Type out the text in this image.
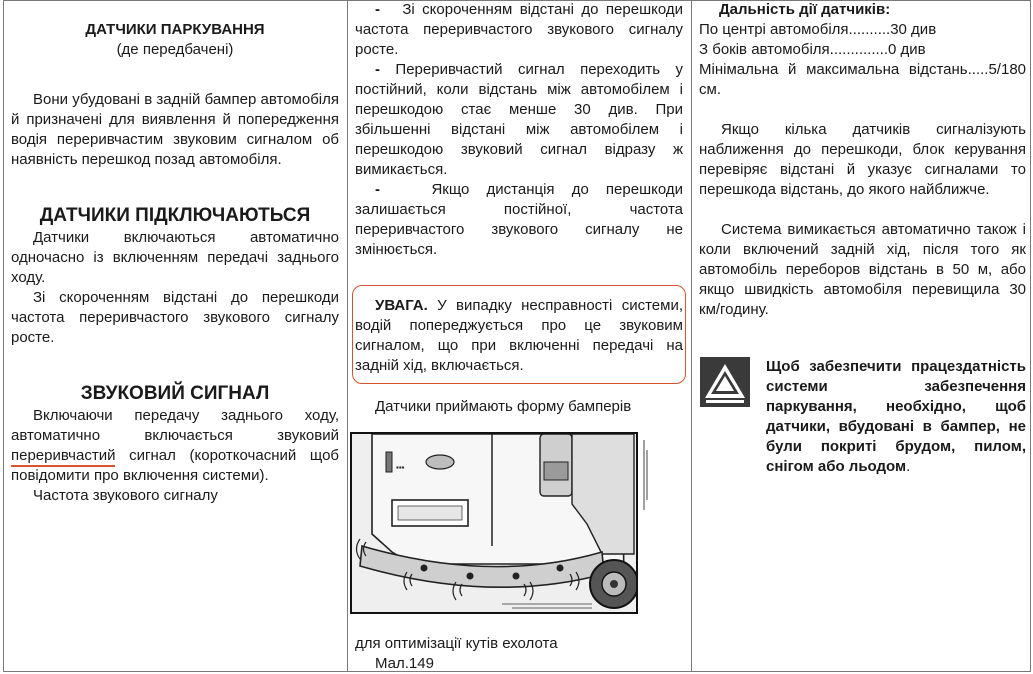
ДАТЧИКИ ПАРКУВАННЯ

(де передбачені)

Вони убудовані в задній бампер автомобіля й призначені для виявлення й попередження водія переривчастим звуковим сигналом об наявність перешкод позад автомобіля.

ДАТЧИКИ ПІДКЛЮЧАЮТЬСЯ

Датчики включаються автоматично одночасно із включенням передачі заднього ходу.

Зі скороченням відстані до перешкоди частота переривчастого звукового сигналу росте.

ЗВУКОВИЙ СИГНАЛ

Включаючи передачу заднього ходу, автоматично включається звуковий переривчастий сигнал (короткочасний щоб повідомити про включення системи).

Частота звукового сигналу

- Зі скороченням відстані до перешкоди частота переривчастого звукового сигналу росте.

- Переривчастий сигнал переходить у постійний, коли відстань між автомобілем і перешкодою стає менше 30 див. При збільшенні відстані між автомобілем і перешкодою звуковий сигнал відразу ж вимикається.

-	Якщо дистанція до перешкоди залишається постійної, частота переривчастого звукового сигналу не змінюється.

УВАГА. У випадку несправності системи, водій попереджується про це звуковим сигналом, що при включенні передачі на задній хід, включається.

Датчики приймають форму бамперів

▪▪▪

для оптимізації кутів ехолота

Мал.149

Дальність дії датчиків:

По центрі автомобіля..........30 див

З боків автомобіля..............0 див

Мінімальна й максимальна відстань.....5/180 см.

Якщо кілька датчиків сигналізують наближення до перешкоди, блок керування перевіряє відстані й указує сигналами то перешкода відстань, до якого найближче.

Система вимикається автоматично також і коли включений задній хід, після того як автомобіль переборов відстань в 50 м, або якщо швидкість автомобіля перевищила 30 км/годину.

Щоб забезпечити працездатність системи забезпечення паркування, необхідно, щоб датчики, вбудовані в бампер, не були покриті брудом, пилом, снігом або льодом.
